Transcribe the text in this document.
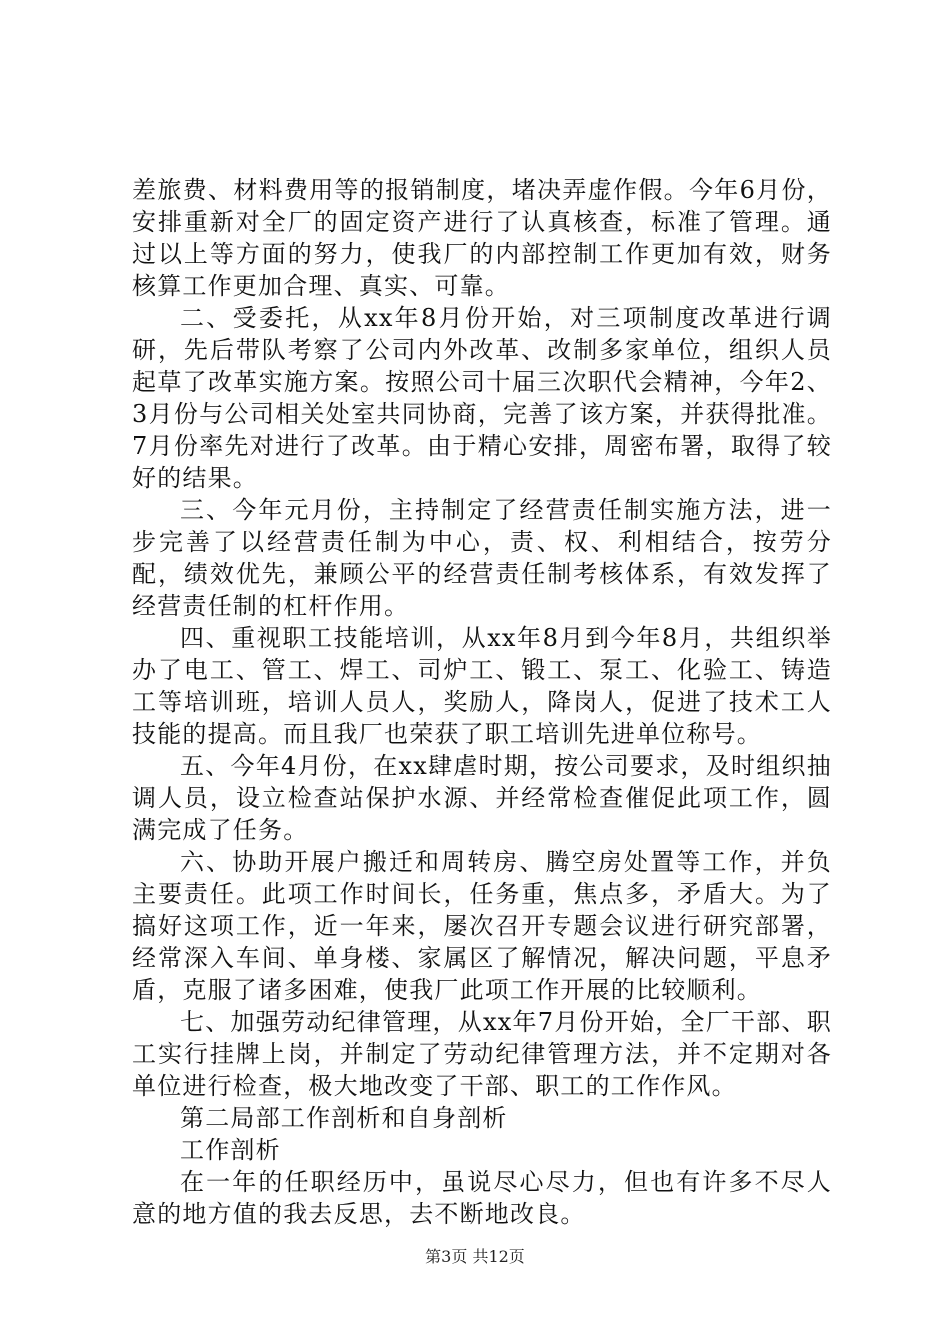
差旅费、材料费用等的报销制度，堵决弄虚作假。今年6月份，安排重新对全厂的固定资产进行了认真核查，标准了管理。通过以上等方面的努力，使我厂的内部控制工作更加有效，财务核算工作更加合理、真实、可靠。

二、受委托，从xx年8月份开始，对三项制度改革进行调研，先后带队考察了公司内外改革、改制多家单位，组织人员起草了改革实施方案。按照公司十届三次职代会精神，今年2、3月份与公司相关处室共同协商，完善了该方案，并获得批准。7月份率先对进行了改革。由于精心安排，周密布署，取得了较好的结果。

三、今年元月份，主持制定了经营责任制实施方法，进一步完善了以经营责任制为中心，责、权、利相结合，按劳分配，绩效优先，兼顾公平的经营责任制考核体系，有效发挥了经营责任制的杠杆作用。

四、重视职工技能培训，从xx年8月到今年8月，共组织举办了电工、管工、焊工、司炉工、锻工、泵工、化验工、铸造工等培训班，培训人员人，奖励人，降岗人，促进了技术工人技能的提高。而且我厂也荣获了职工培训先进单位称号。

五、今年4月份，在xx肆虐时期，按公司要求，及时组织抽调人员，设立检查站保护水源、并经常检查催促此项工作，圆满完成了任务。

六、协助开展户搬迁和周转房、腾空房处置等工作，并负主要责任。此项工作时间长，任务重，焦点多，矛盾大。为了搞好这项工作，近一年来，屡次召开专题会议进行研究部署，经常深入车间、单身楼、家属区了解情况，解决问题，平息矛盾，克服了诸多困难，使我厂此项工作开展的比较顺利。

七、加强劳动纪律管理，从xx年7月份开始，全厂干部、职工实行挂牌上岗，并制定了劳动纪律管理方法，并不定期对各单位进行检查，极大地改变了干部、职工的工作作风。

第二局部工作剖析和自身剖析

工作剖析

在一年的任职经历中，虽说尽心尽力，但也有许多不尽人意的地方值的我去反思，去不断地改良。

第3页 共12页
